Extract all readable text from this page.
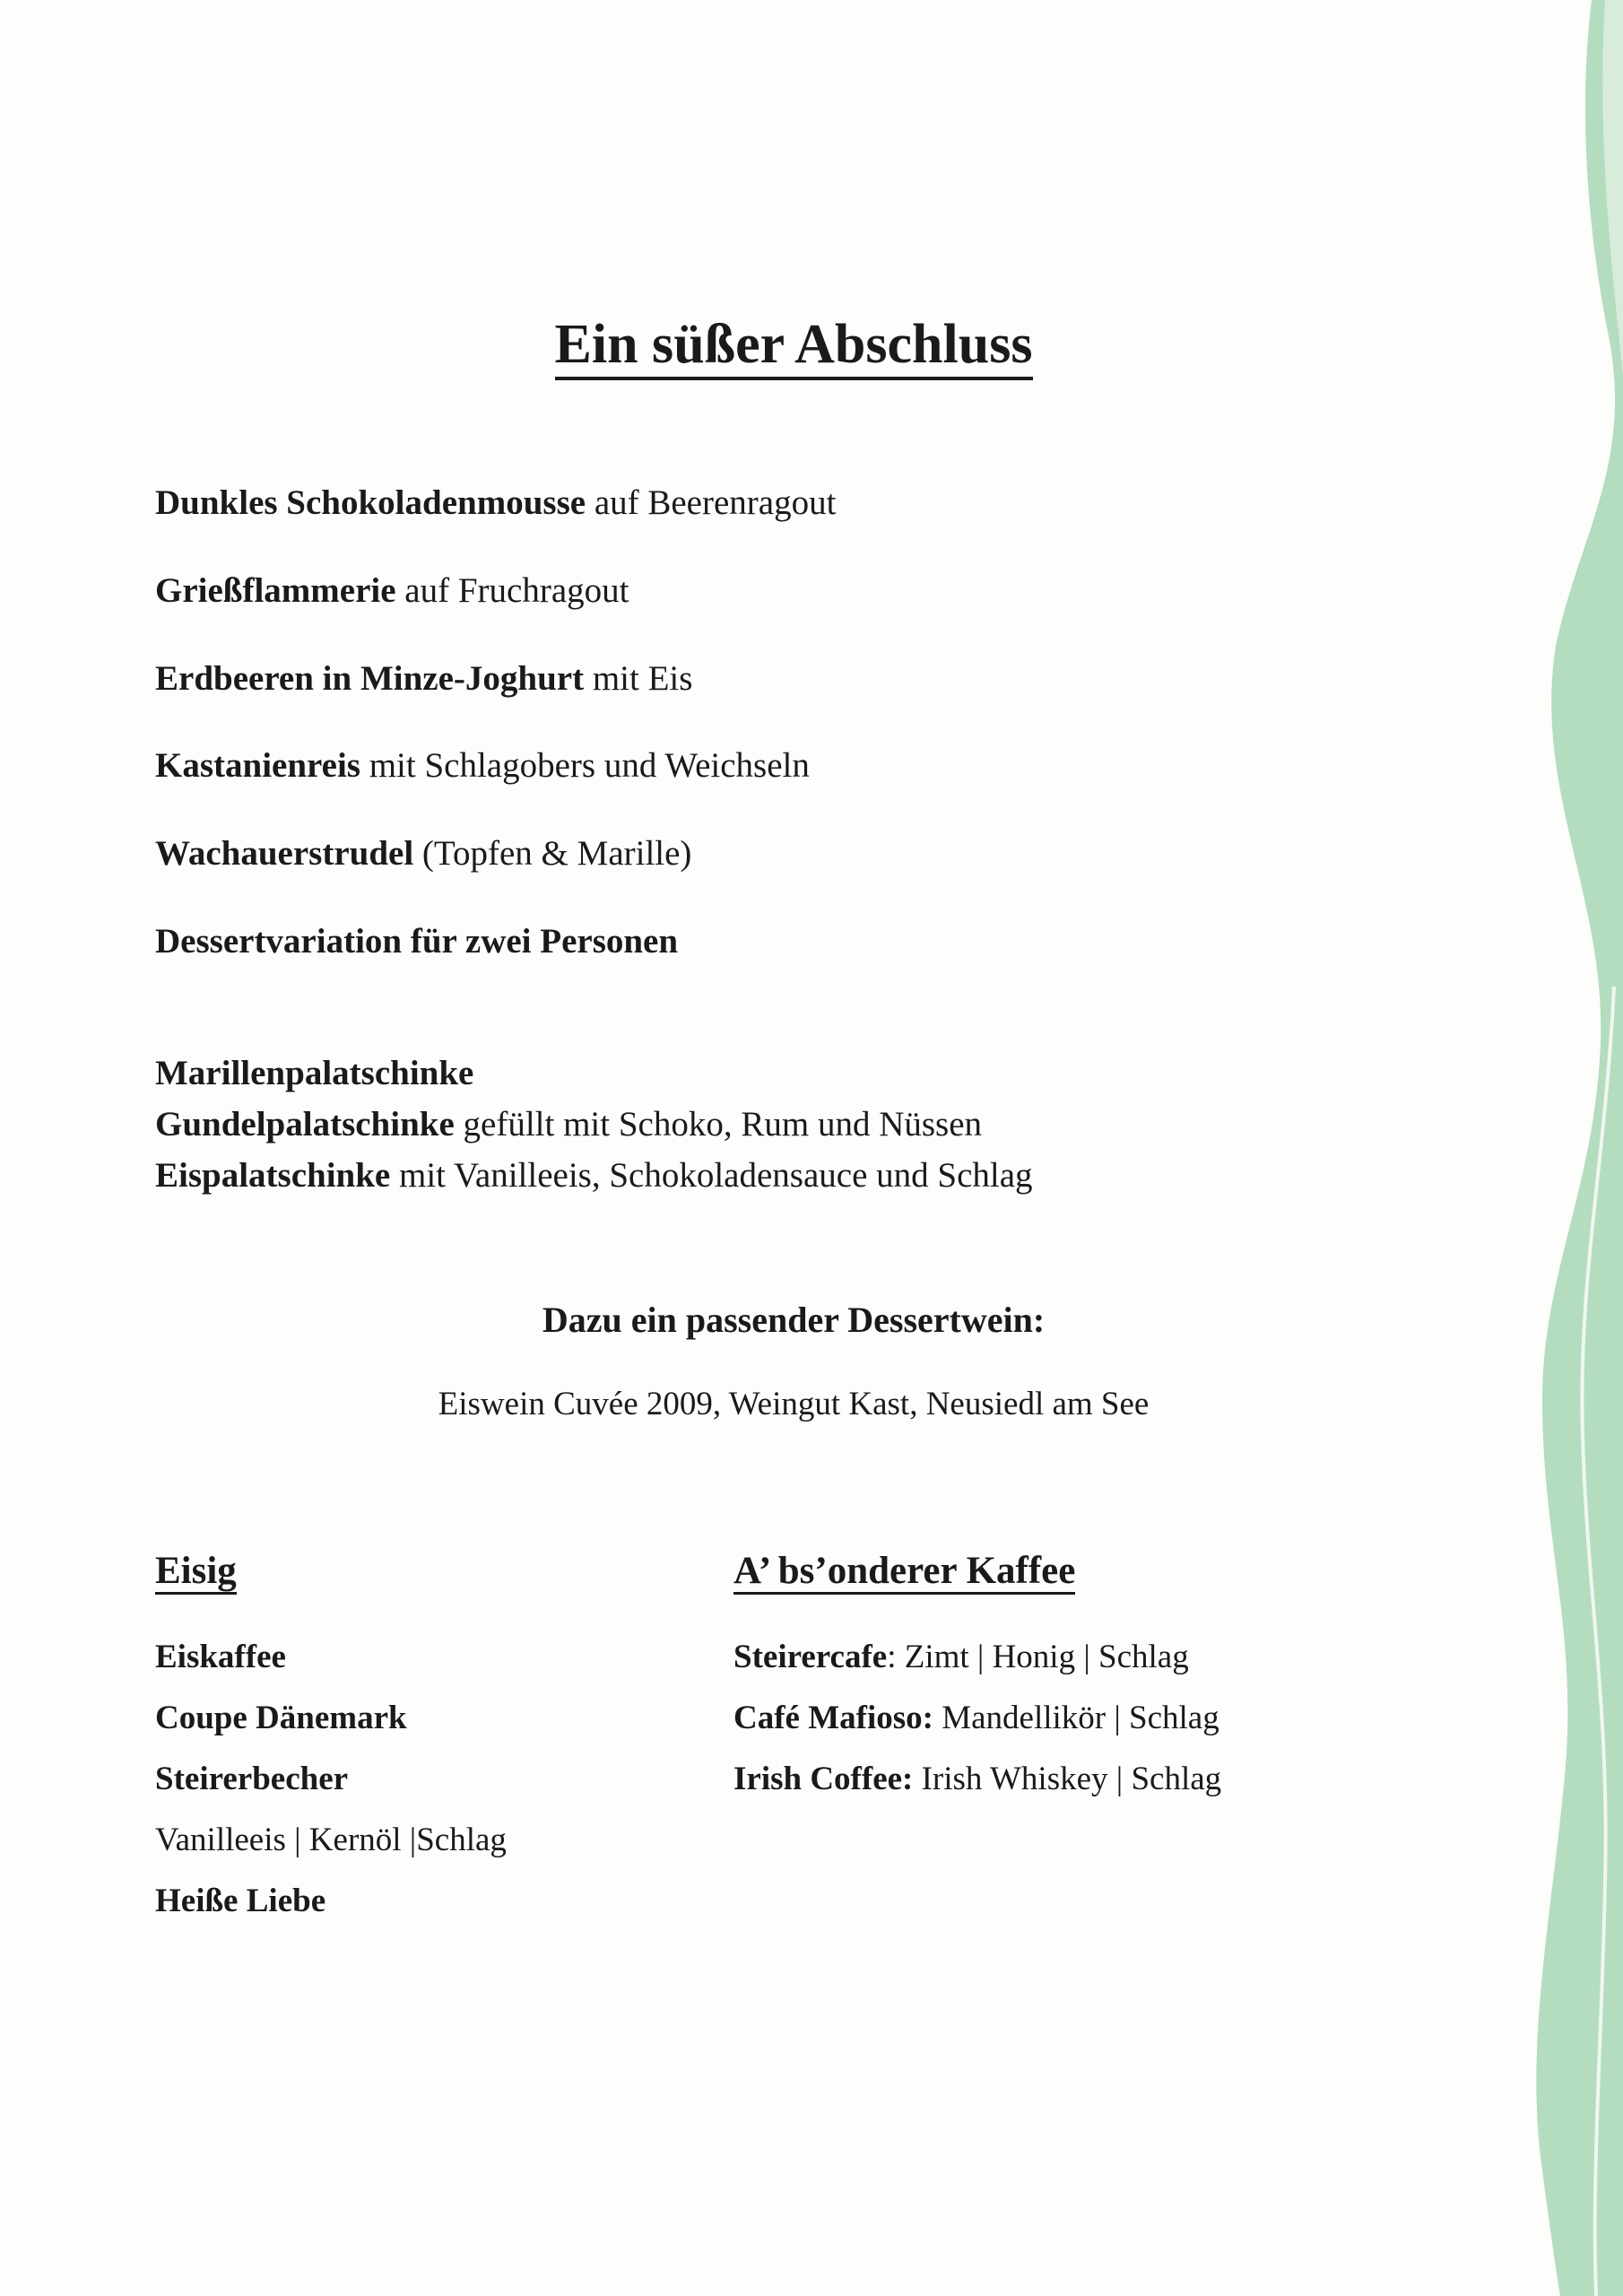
Ein süßer Abschluss
Dunkles Schokoladenmousse auf Beerenragout
Grießflammerie auf Fruchragout
Erdbeeren in Minze-Joghurt mit Eis
Kastanienreis mit Schlagobers und Weichseln
Wachauerstrudel (Topfen & Marille)
Dessertvariation für zwei Personen
Marillenpalatschinke
Gundelpalatschinke gefüllt mit Schoko, Rum und Nüssen
Eispalatschinke mit Vanilleeis, Schokoladensauce und Schlag
Dazu ein passender Dessertwein:
Eiswein Cuvée 2009, Weingut Kast, Neusiedl am See
Eisig
Eiskaffee
Coupe Dänemark
Steirerbecher
Vanilleeis | Kernöl |Schlag
Heiße Liebe
A’ bs’onderer Kaffee
Steirercafe: Zimt | Honig | Schlag
Café Mafioso: Mandellikör | Schlag
Irish Coffee: Irish Whiskey | Schlag
